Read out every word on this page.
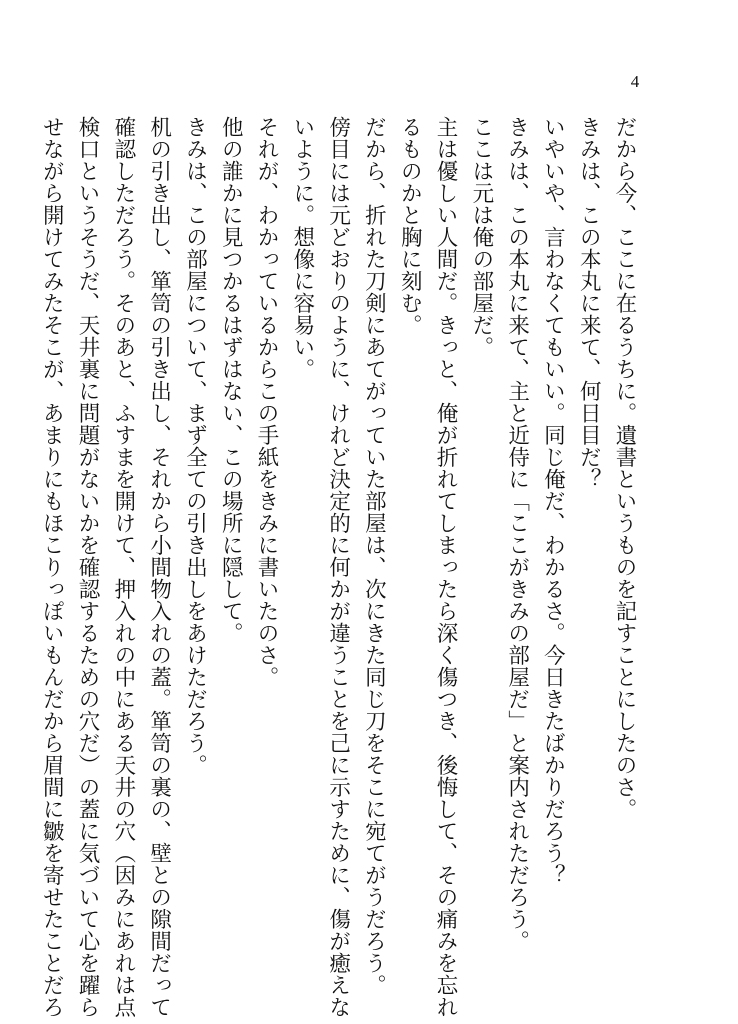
4
だから今、ここに在るうちに。遺書というものを記すことにしたのさ。
きみは、この本丸に来て、何日目だ？
いやいや、言わなくてもいい。同じ俺だ、わかるさ。今日きたばかりだろう？
きみは、この本丸に来て、主と近侍に「ここがきみの部屋だ」と案内されただろう。
ここは元は俺の部屋だ。
主は優しい人間だ。きっと、俺が折れてしまったら深く傷つき、後悔して、その痛みを忘れ
るものかと胸に刻む。
だから、折れた刀剣にあてがっていた部屋は、次にきた同じ刀をそこに宛てがうだろう。
傍目には元どおりのように、けれど決定的に何かが違うことを己に示すために、傷が癒えな
いように。想像に容易い。
それが、わかっているからこの手紙をきみに書いたのさ。
他の誰かに見つかるはずはない、この場所に隠して。
きみは、この部屋について、まず全ての引き出しをあけただろう。
机の引き出し、箪笥の引き出し、それから小間物入れの蓋。箪笥の裏の、壁との隙間だって
確認しただろう。そのあと、ふすまを開けて、押入れの中にある天井の穴（因みにあれは点
検口というそうだ、天井裏に問題がないかを確認するための穴だ）の蓋に気づいて心を躍ら
せながら開けてみたそこが、あまりにもほこりっぽいもんだから眉間に皺を寄せたことだろ
